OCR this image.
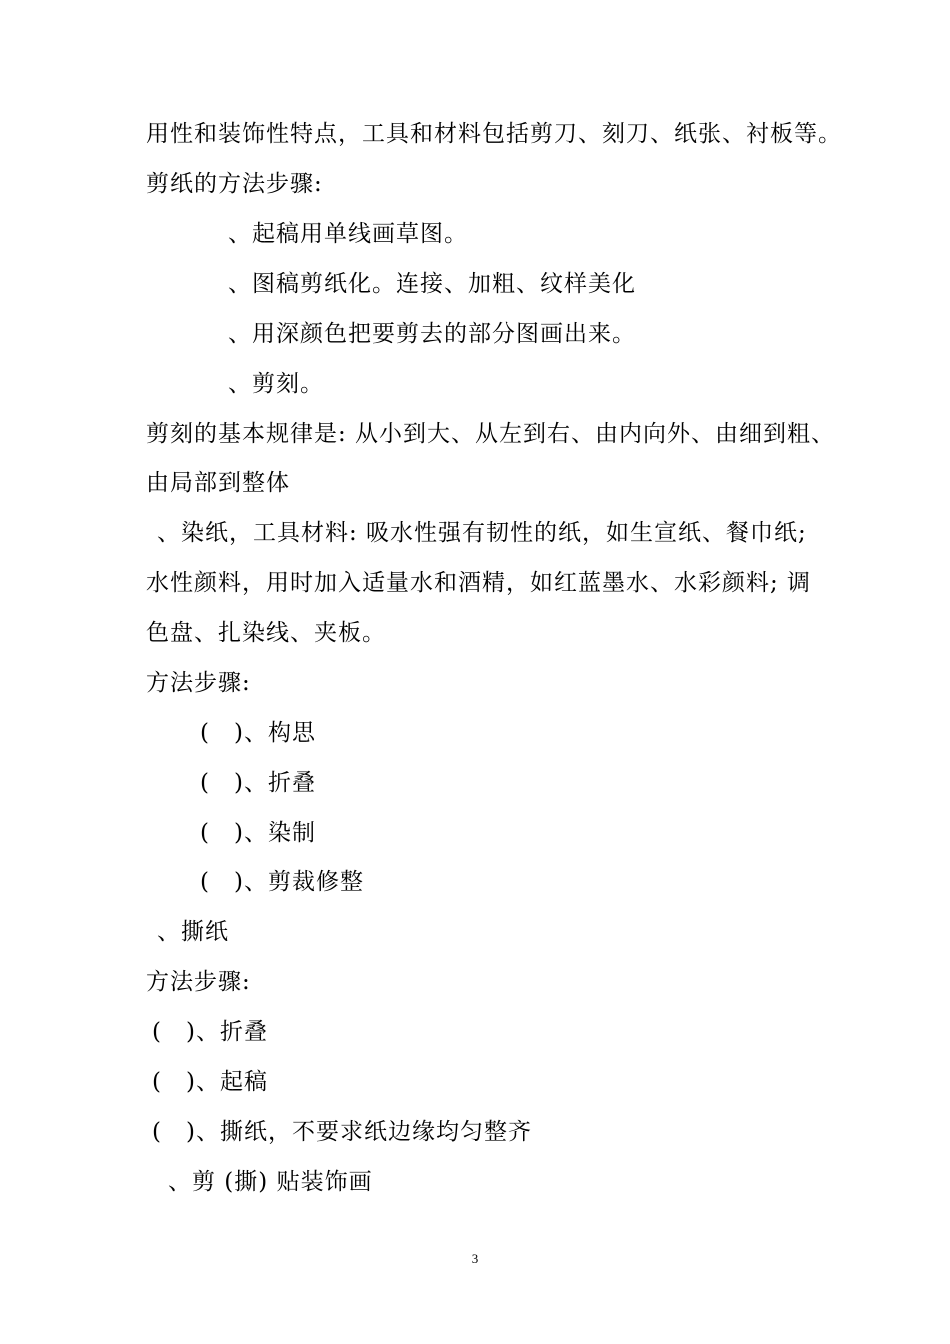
用性和装饰性特点，工具和材料包括剪刀、刻刀、纸张、衬板等。
剪纸的方法步骤:
、起稿用单线画草图。
、图稿剪纸化。连接、加粗、纹样美化
、用深颜色把要剪去的部分图画出来。
、剪刻。
剪刻的基本规律是: 从小到大、从左到右、由内向外、由细到粗、
由局部到整体
、染纸，工具材料: 吸水性强有韧性的纸，如生宣纸、餐巾纸;
水性颜料，用时加入适量水和酒精，如红蓝墨水、水彩颜料; 调
色盘、扎染线、夹板。
方法步骤:
(　)、构思
(　)、折叠
(　)、染制
(　)、剪裁修整
、撕纸
方法步骤:
(　)、折叠
(　)、起稿
(　)、撕纸，不要求纸边缘均匀整齐
、剪 (撕) 贴装饰画
3
